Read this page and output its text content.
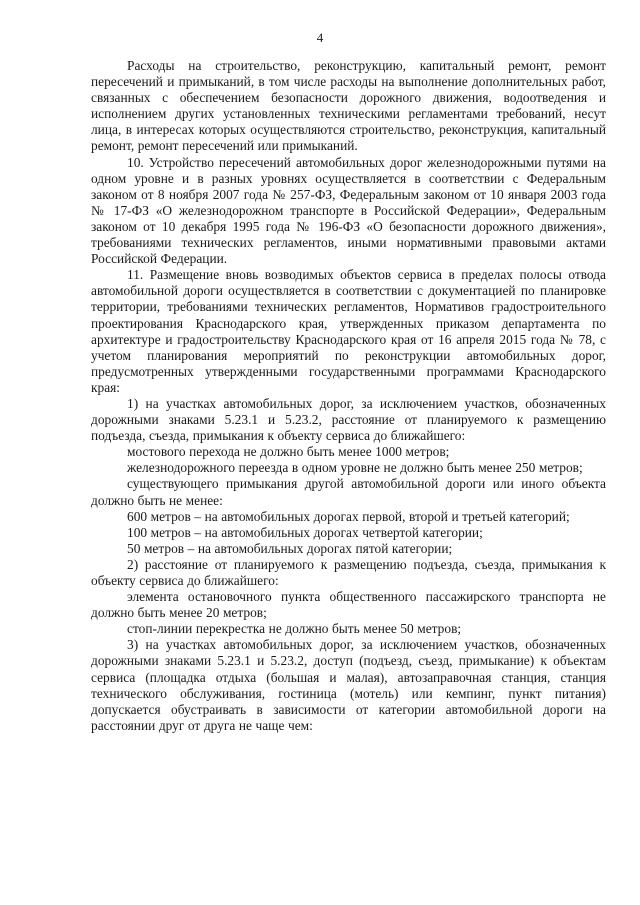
4

Расходы на строительство, реконструкцию, капитальный ремонт, ремонт пересечений и примыканий, в том числе расходы на выполнение дополнительных работ, связанных с обеспечением безопасности дорожного движения, водоотведения и исполнением других установленных техническими регламентами требований, несут лица, в интересах которых осуществляются строительство, реконструкция, капитальный ремонт, ремонт пересечений или примыканий.

10. Устройство пересечений автомобильных дорог железнодорожными путями на одном уровне и в разных уровнях осуществляется в соответствии с Федеральным законом от 8 ноября 2007 года № 257-ФЗ, Федеральным законом от 10 января 2003 года № 17-ФЗ «О железнодорожном транспорте в Российской Федерации», Федеральным законом от 10 декабря 1995 года № 196-ФЗ «О безопасности дорожного движения», требованиями технических регламентов, иными нормативными правовыми актами Российской Федерации.

11. Размещение вновь возводимых объектов сервиса в пределах полосы отвода автомобильной дороги осуществляется в соответствии с документацией по планировке территории, требованиями технических регламентов, Нормативов градостроительного проектирования Краснодарского края, утвержденных приказом департамента по архитектуре и градостроительству Краснодарского края от 16 апреля 2015 года № 78, с учетом планирования мероприятий по реконструкции автомобильных дорог, предусмотренных утвержденными государственными программами Краснодарского края:

1) на участках автомобильных дорог, за исключением участков, обозначенных дорожными знаками 5.23.1 и 5.23.2, расстояние от планируемого к размещению подъезда, съезда, примыкания к объекту сервиса до ближайшего:

мостового перехода не должно быть менее 1000 метров;

железнодорожного переезда в одном уровне не должно быть менее 250 метров;

существующего примыкания другой автомобильной дороги или иного объекта должно быть не менее:

600 метров – на автомобильных дорогах первой, второй и третьей категорий;

100 метров – на автомобильных дорогах четвертой категории;

50 метров – на автомобильных дорогах пятой категории;

2) расстояние от планируемого к размещению подъезда, съезда, примыкания к объекту сервиса до ближайшего:

элемента остановочного пункта общественного пассажирского транспорта не должно быть менее 20 метров;

стоп-линии перекрестка не должно быть менее 50 метров;

3) на участках автомобильных дорог, за исключением участков, обозначенных дорожными знаками 5.23.1 и 5.23.2, доступ (подъезд, съезд, примыкание) к объектам сервиса (площадка отдыха (большая и малая), автозаправочная станция, станция технического обслуживания, гостиница (мотель) или кемпинг, пункт питания) допускается обустраивать в зависимости от категории автомобильной дороги на расстоянии друг от друга не чаще чем:
